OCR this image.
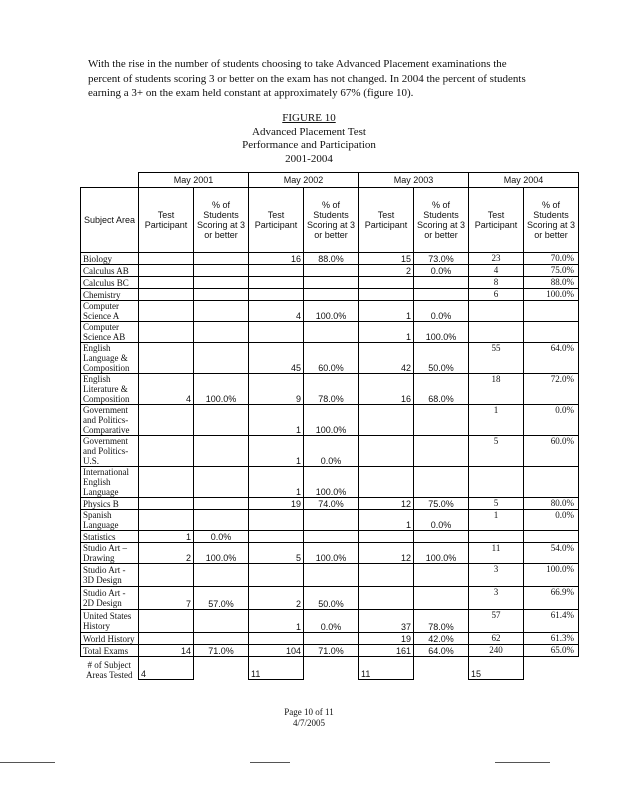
With the rise in the number of students choosing to take Advanced Placement examinations the percent of students scoring 3 or better on the exam has not changed. In 2004 the percent of students earning a 3+ on the exam held constant at approximately 67% (figure 10).
FIGURE 10
Advanced Placement Test
Performance and Participation
2001-2004
	May 2001		May 2002		May 2003		May 2004	
Subject Area	Test Participant	% of Students Scoring at 3 or better	Test Participant	% of Students Scoring at 3 or better	Test Participant	% of Students Scoring at 3 or better	Test Participant	% of Students Scoring at 3 or better
Biology			16	88.0%	15	73.0%	23	70.0%
Calculus AB					2	0.0%	4	75.0%
Calculus BC							8	88.0%
Chemistry							6	100.0%
Computer Science A			4	100.0%	1	0.0%		
Computer Science AB					1	100.0%		
English Language & Composition			45	60.0%	42	50.0%	55	64.0%
English Literature & Composition	4	100.0%	9	78.0%	16	68.0%	18	72.0%
Government and Politics-Comparative			1	100.0%			1	0.0%
Government and Politics-U.S.			1	0.0%			5	60.0%
International English Language			1	100.0%				
Physics B			19	74.0%	12	75.0%	5	80.0%
Spanish Language					1	0.0%	1	0.0%
Statistics	1	0.0%						
Studio Art – Drawing	2	100.0%	5	100.0%	12	100.0%	11	54.0%
Studio Art - 3D Design							3	100.0%
Studio Art - 2D Design	7	57.0%	2	50.0%			3	66.9%
United States History			1	0.0%	37	78.0%	57	61.4%
World History					19	42.0%	62	61.3%
Total Exams	14	71.0%	104	71.0%	161	64.0%	240	65.0%
# of Subject Areas Tested	4		11		11		15	
Page 10 of 11
4/7/2005
